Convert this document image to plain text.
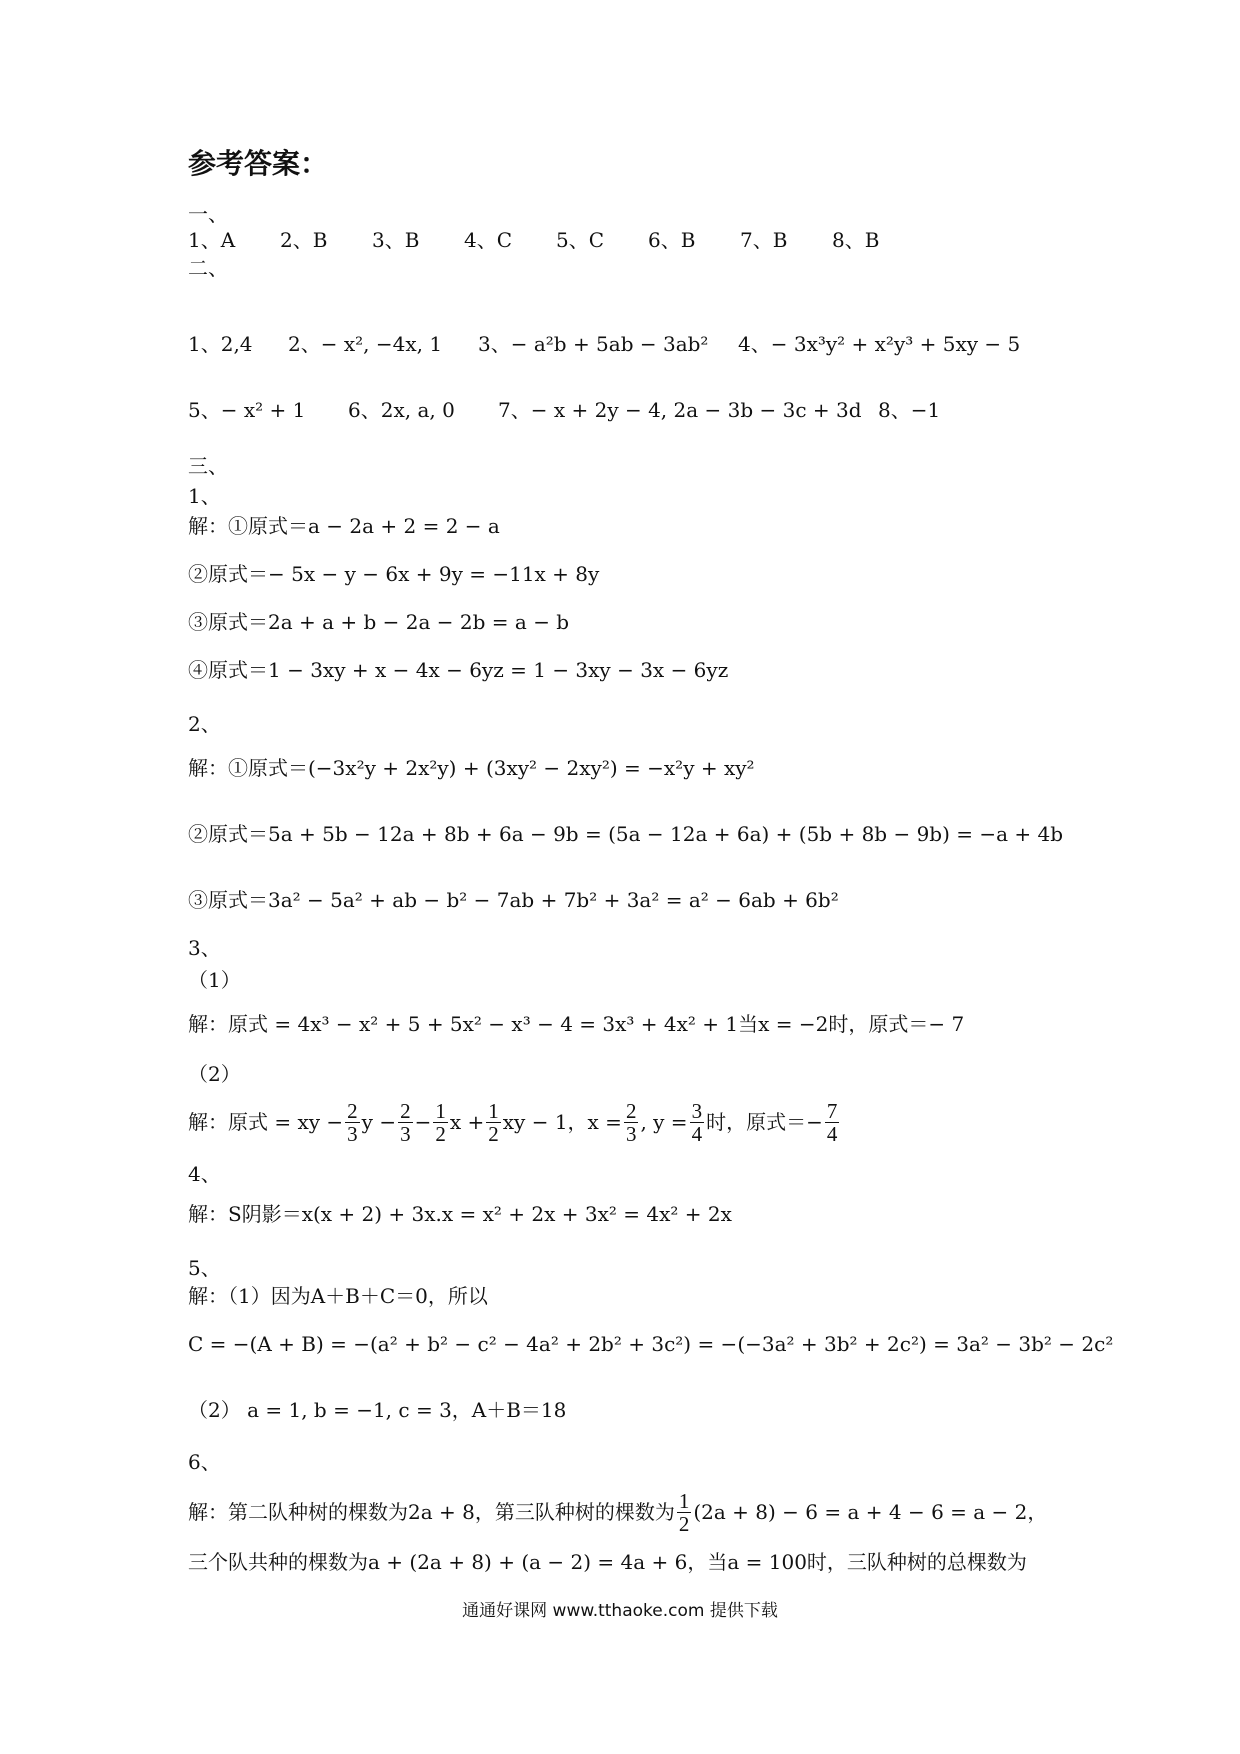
参考答案：
一、
1、A	2、B	3、B	4、C	5、C	6、B	7、B	8、B
二、
1、2,4	2、− x², −4x, 1	3、− a²b + 5ab − 3ab²	4、− 3x³y² + x²y³ + 5xy − 5
5、− x² + 1	6、2x, a, 0	7、− x + 2y − 4, 2a − 3b − 3c + 3d 8、−1
三、
1、
解：①原式＝a − 2a + 2 = 2 − a
②原式＝− 5x − y − 6x + 9y = −11x + 8y
③原式＝2a + a + b − 2a − 2b = a − b
④原式＝1 − 3xy + x − 4x − 6yz = 1 − 3xy − 3x − 6yz
2、
解：①原式＝(−3x²y + 2x²y) + (3xy² − 2xy²) = −x²y + xy²
②原式＝5a + 5b − 12a + 8b + 6a − 9b = (5a − 12a + 6a) + (5b + 8b − 9b) = −a + 4b
③原式＝3a² − 5a² + ab − b² − 7ab + 7b² + 3a² = a² − 6ab + 6b²
3、
（1）
解：原式 = 4x³ − x² + 5 + 5x² − x³ − 4 = 3x³ + 4x² + 1当x = −2时，原式＝− 7
（2）
解：原式 = xy − $\frac{2}{3}$ $y - \frac{2}{3} - \frac{1}{2}$ $x + \frac{1}{2}$ xy − 1，$x = \frac{2}{3}$ , $y = \frac{3}{4}$ 时，原式＝− $\frac{7}{4}$
4、
解：S阴影＝x(x + 2) + 3x.x = x² + 2x + 3x² = 4x² + 2x
5、
解：（1）因为A＋B＋C＝0，所以
C = −(A + B) = −(a² + b² − c² − 4a² + 2b² + 3c²) = −(−3a² + 3b² + 2c²) = 3a² − 3b² − 2c²
（2） a = 1, b = −1, c = 3，A＋B＝18
6、
解：第二队种树的棵数为2a + 8，第三队种树的棵数为 $\frac{1}{2} (2a + 8) - 6 = a + 4 - 6 = a - 2$，
三个队共种的棵数为a + (2a + 8) + (a − 2) = 4a + 6，当a = 100时，三队种树的总棵数为
通通好课网 www.tthaoke.com 提供下载
